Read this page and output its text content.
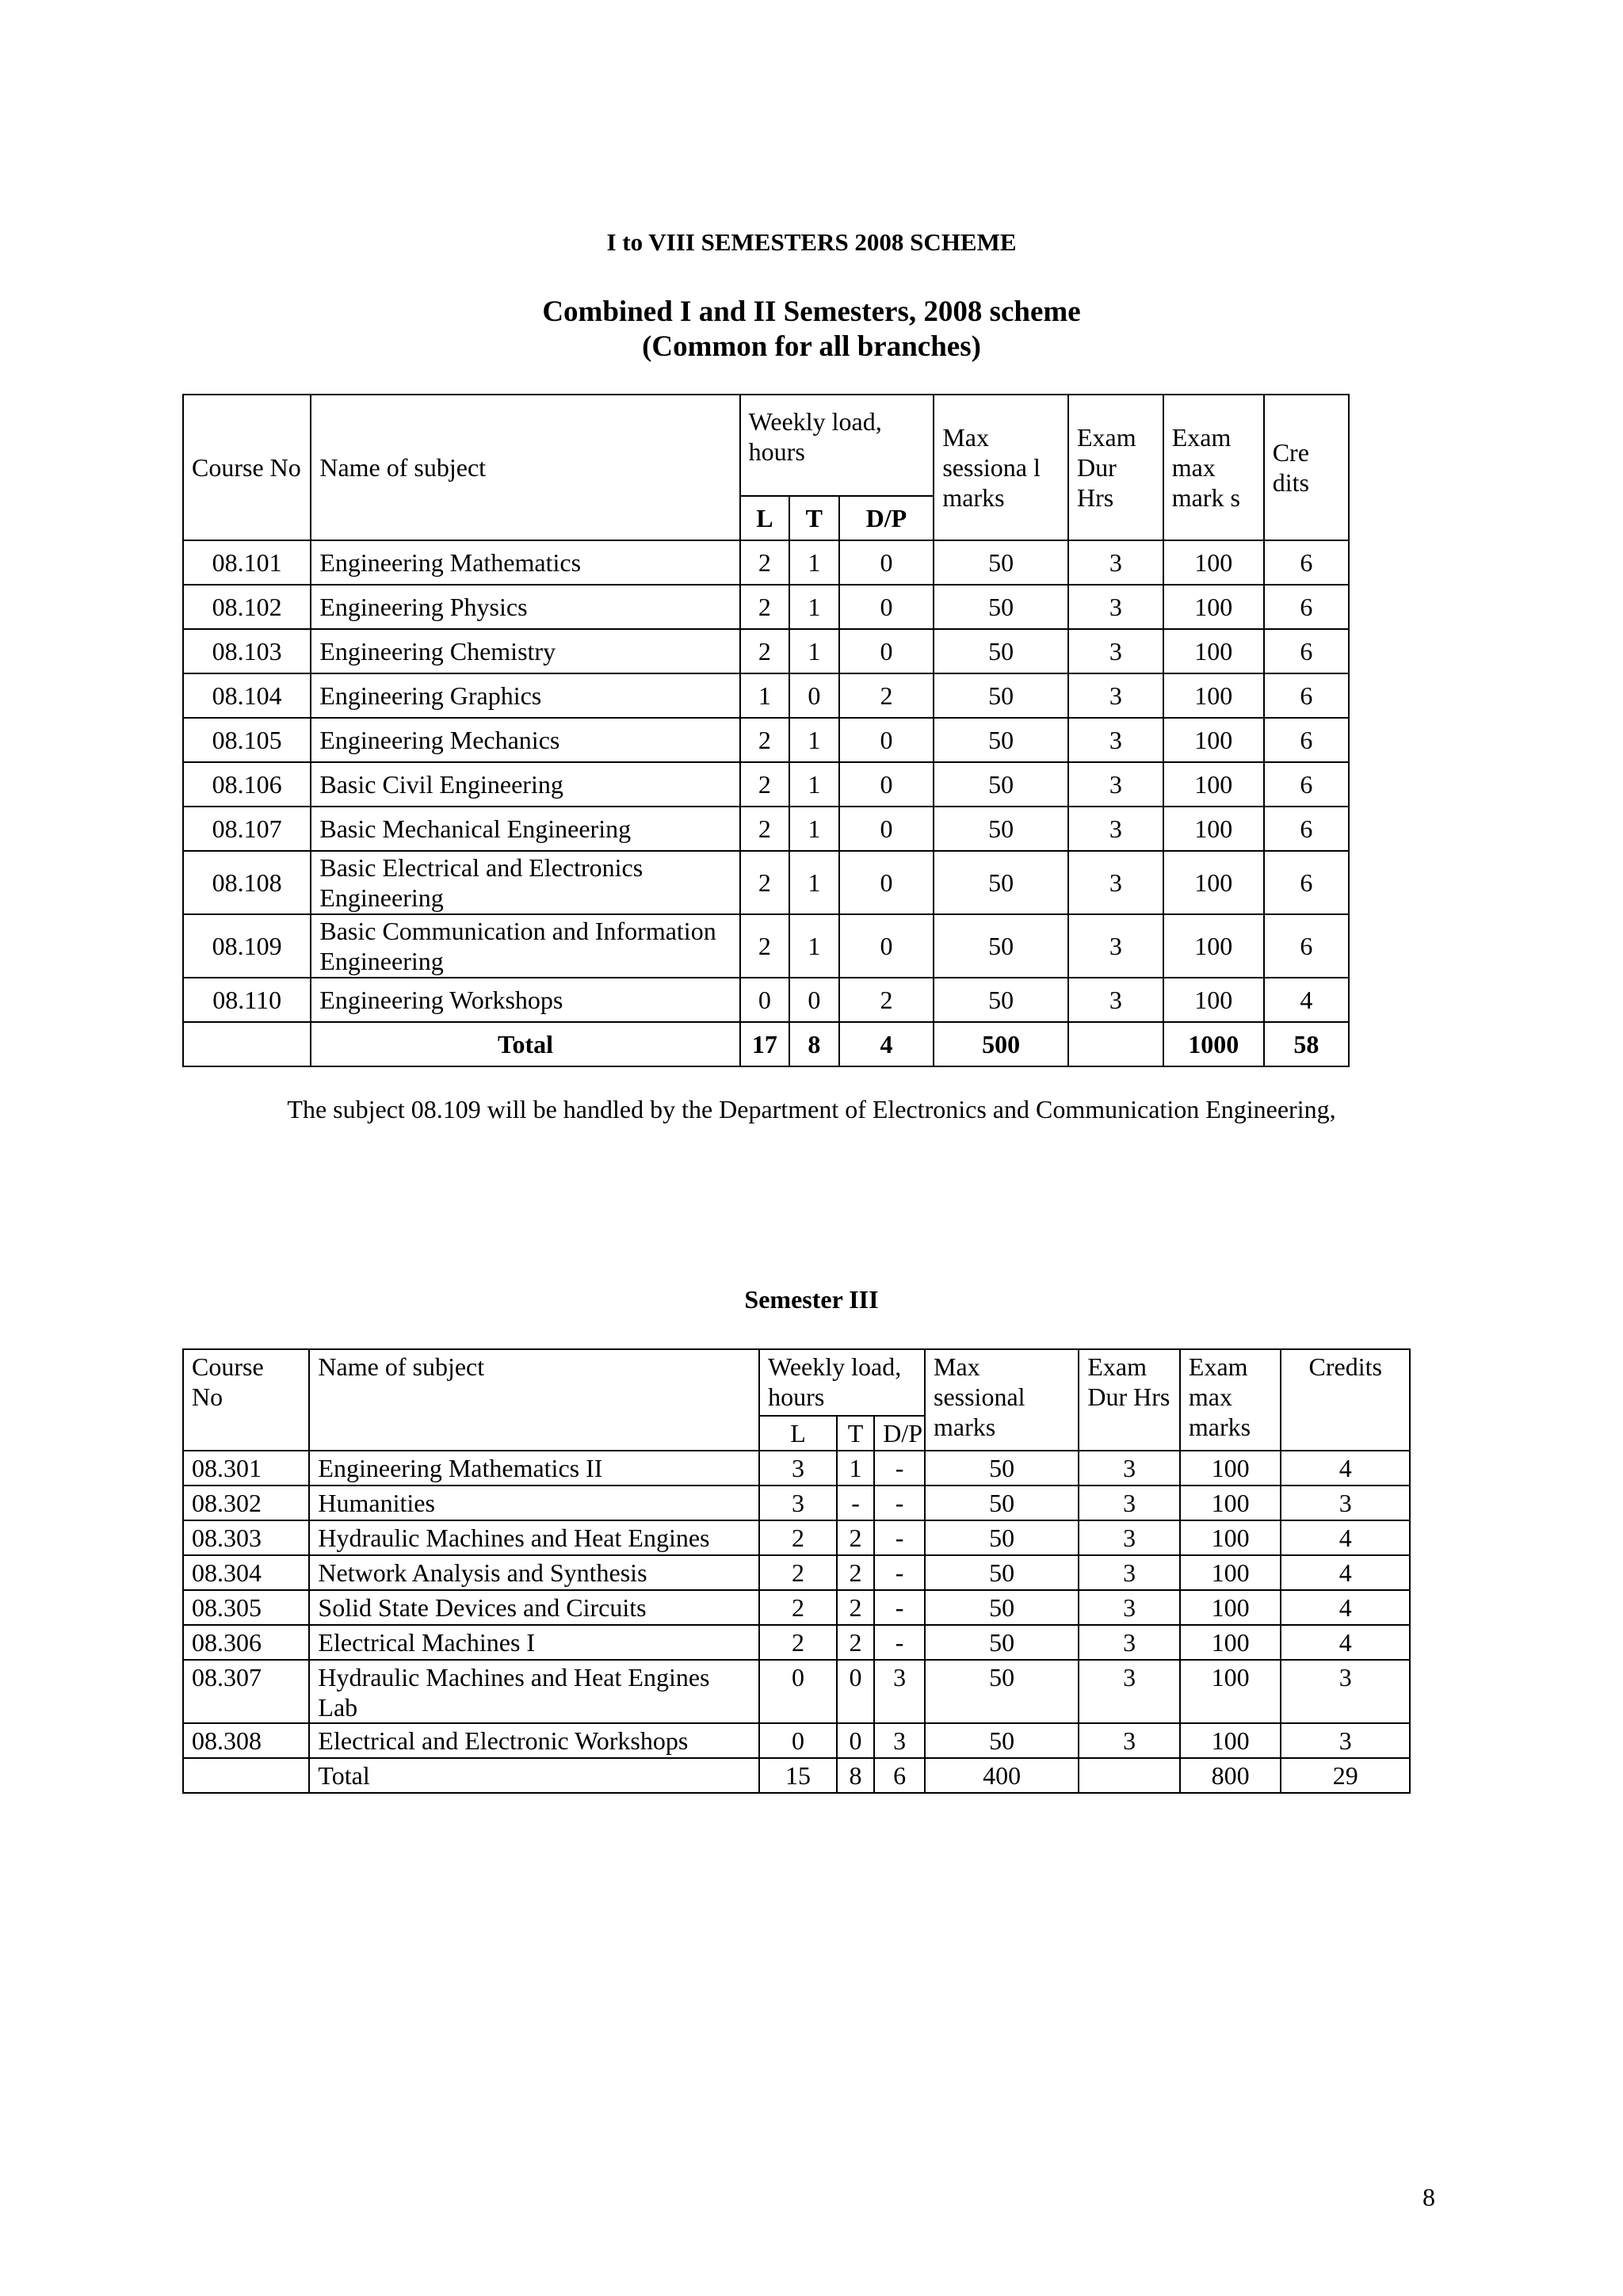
I to VIII SEMESTERS 2008 SCHEME

Combined I and II Semesters, 2008 scheme

(Common for all branches)

Course No	Name of subject	Weekly load, hours			Max sessiona l marks	Exam Dur Hrs	Exam max mark s	Cre dits
		L	T	D/P				
08.101	Engineering Mathematics	2	1	0	50	3	100	6
08.102	Engineering Physics	2	1	0	50	3	100	6
08.103	Engineering Chemistry	2	1	0	50	3	100	6
08.104	Engineering Graphics	1	0	2	50	3	100	6
08.105	Engineering Mechanics	2	1	0	50	3	100	6
08.106	Basic Civil Engineering	2	1	0	50	3	100	6
08.107	Basic Mechanical Engineering	2	1	0	50	3	100	6
08.108	Basic Electrical and Electronics Engineering	2	1	0	50	3	100	6
08.109	Basic Communication and Information Engineering	2	1	0	50	3	100	6
08.110	Engineering Workshops	0	0	2	50	3	100	4
	Total	17	8	4	500		1000	58

The subject 08.109 will be handled by the Department of Electronics and Communication Engineering,

Semester III

Course No	Name of subject	Weekly load, hours			Max sessional marks	Exam Dur Hrs	Exam max marks	Credits
		L	T	D/P				
08.301	Engineering Mathematics II	3	1	-	50	3	100	4
08.302	Humanities	3	-	-	50	3	100	3
08.303	Hydraulic Machines and Heat Engines	2	2	-	50	3	100	4
08.304	Network Analysis and Synthesis	2	2	-	50	3	100	4
08.305	Solid State Devices and Circuits	2	2	-	50	3	100	4
08.306	Electrical Machines I	2	2	-	50	3	100	4
08.307	Hydraulic Machines and Heat Engines Lab	0	0	3	50	3	100	3
08.308	Electrical and Electronic Workshops	0	0	3	50	3	100	3
	Total	15	8	6	400		800	29

8
